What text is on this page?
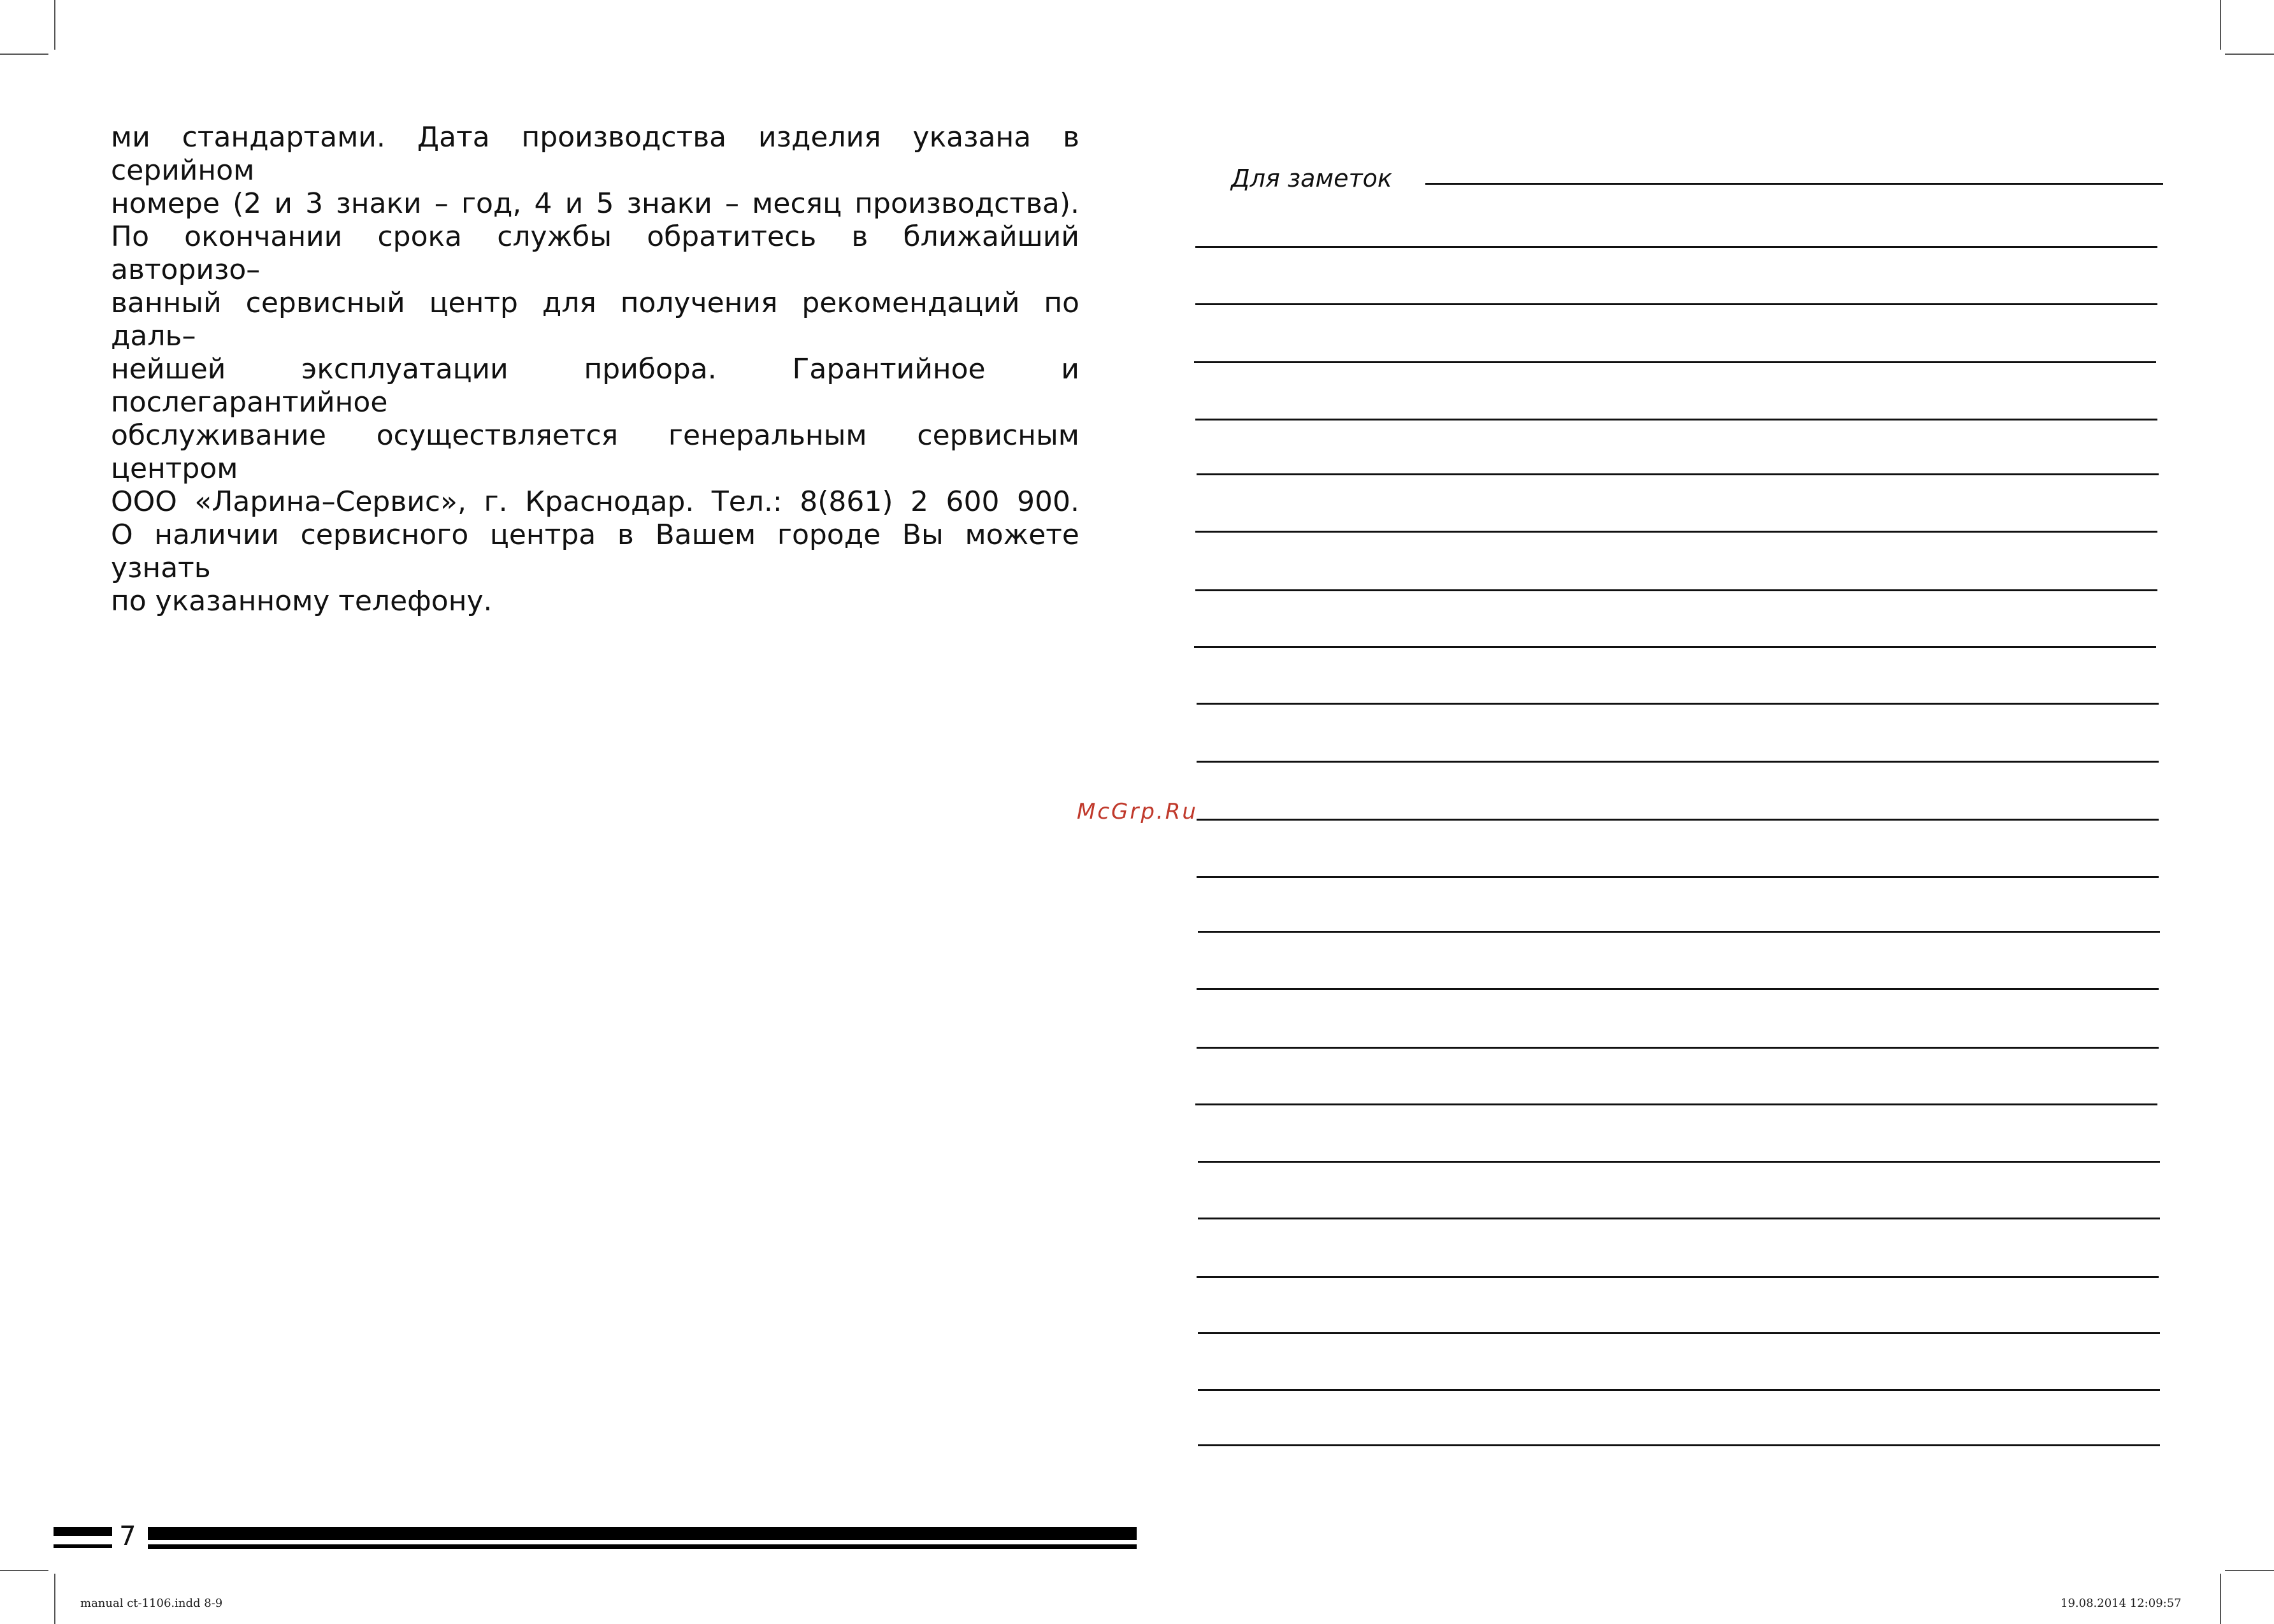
ми стандартами. Дата производства изделия указана в серийном
номере (2 и 3 знаки – год, 4 и 5 знаки – месяц производства).
По окончании срока службы обратитесь в ближайший авторизо–
ванный сервисный центр для получения рекомендаций по даль–
нейшей эксплуатации прибора. Гарантийное и послегарантийное
обслуживание осуществляется генеральным сервисным центром
ООО «Ларина–Сервис», г. Краснодар. Тел.: 8(861) 2 600 900.
О наличии сервисного центра в Вашем городе Вы можете узнать
по указанному телефону.
Для заметок
McGrp.Ru
7
manual ct-1106.indd 8-9	19.08.2014 12:09:57
